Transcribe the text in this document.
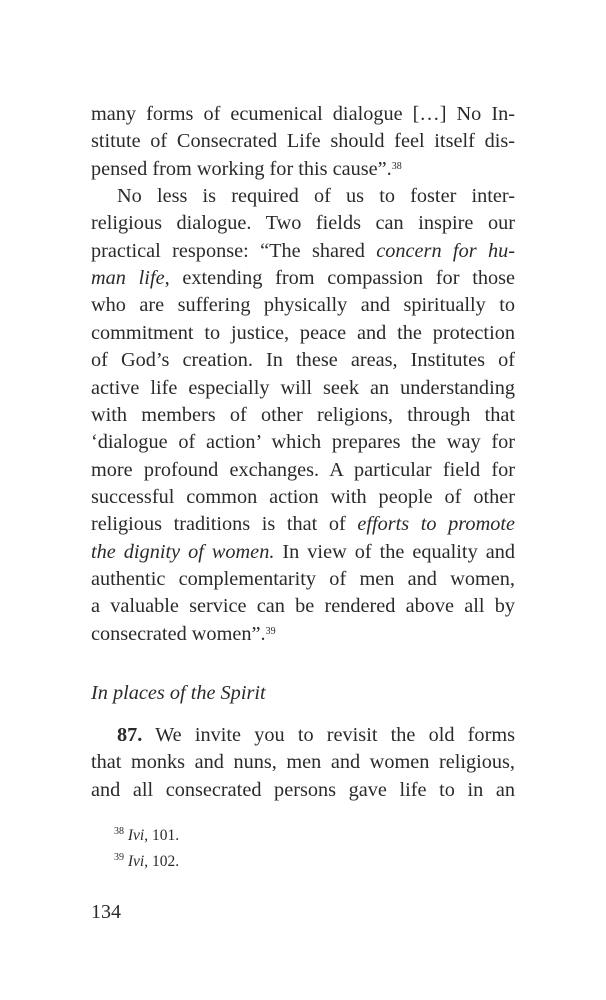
many forms of ecumenical dialogue […] No In-
stitute of Consecrated Life should feel itself dis-
pensed from working for this cause”.$^{38}$
No less is required of us to foster inter-
religious dialogue. Two fields can inspire our
practical response: “The shared concern for hu-
man life, extending from compassion for those
who are suffering physically and spiritually to
commitment to justice, peace and the protection
of God’s creation. In these areas, Institutes of
active life especially will seek an understanding
with members of other religions, through that
‘dialogue of action’ which prepares the way for
more profound exchanges. A particular field for
successful common action with people of other
religious traditions is that of efforts to promote
the dignity of women. In view of the equality and
authentic complementarity of men and women,
a valuable service can be rendered above all by
consecrated women”.$^{39}$
In places of the Spirit
87. We invite you to revisit the old forms
that monks and nuns, men and women religious,
and all consecrated persons gave life to in an
$^{38}$ Ivi, 101.
$^{39}$ Ivi, 102.
134
